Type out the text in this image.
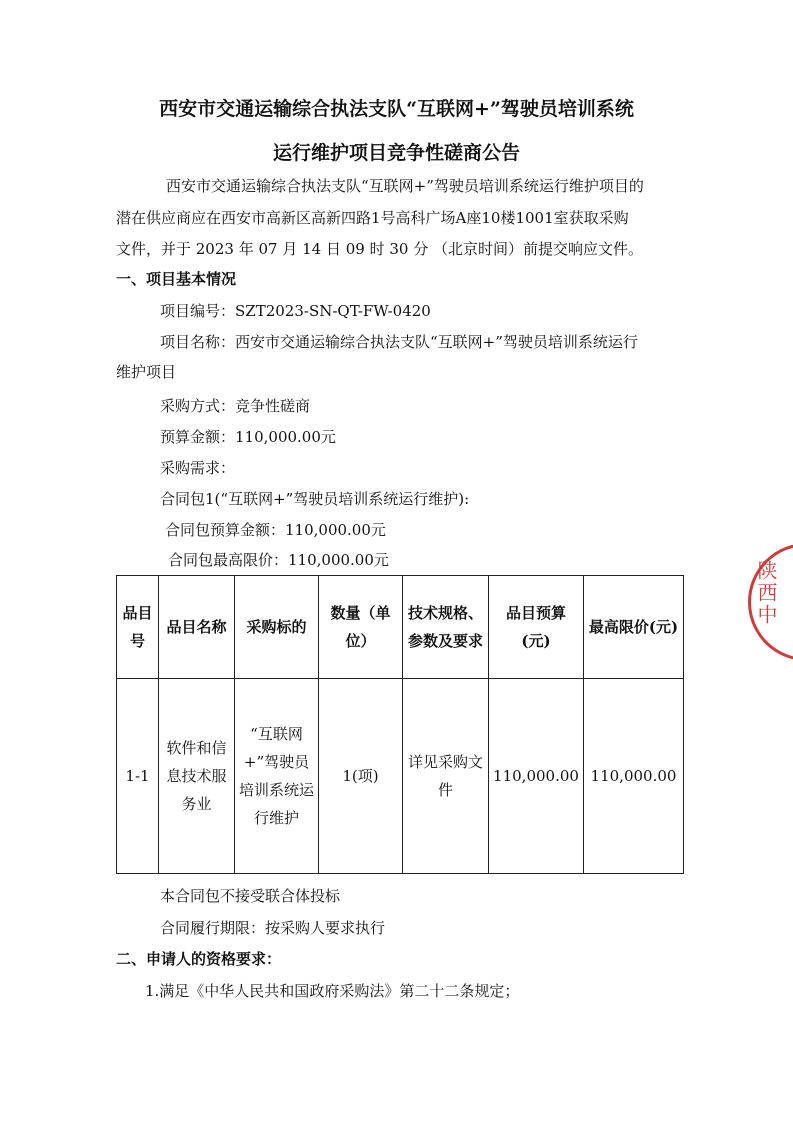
西安市交通运输综合执法支队“互联网+”驾驶员培训系统
运行维护项目竞争性磋商公告
西安市交通运输综合执法支队“互联网+”驾驶员培训系统运行维护项目的
潜在供应商应在西安市高新区高新四路1号高科广场A座10楼1001室获取采购
文件，并于 2023 年 07 月 14 日 09 时 30 分 （北京时间）前提交响应文件。
一、项目基本情况
项目编号：SZT2023-SN-QT-FW-0420
项目名称：西安市交通运输综合执法支队“互联网+”驾驶员培训系统运行
维护项目
采购方式：竞争性磋商
预算金额：110,000.00元
采购需求：
合同包1(“互联网+”驾驶员培训系统运行维护):
合同包预算金额：110,000.00元
合同包最高限价：110,000.00元
品目号	品目名称	采购标的	数量（单位）	技术规格、参数及要求	品目预算(元)	最高限价(元)
1-1	软件和信息技术服务业	“互联网+”驾驶员培训系统运行维护	1(项)	详见采购文件	110,000.00	110,000.00
本合同包不接受联合体投标
合同履行期限：按采购人要求执行
二、申请人的资格要求：
1.满足《中华人民共和国政府采购法》第二十二条规定；
陕西中
